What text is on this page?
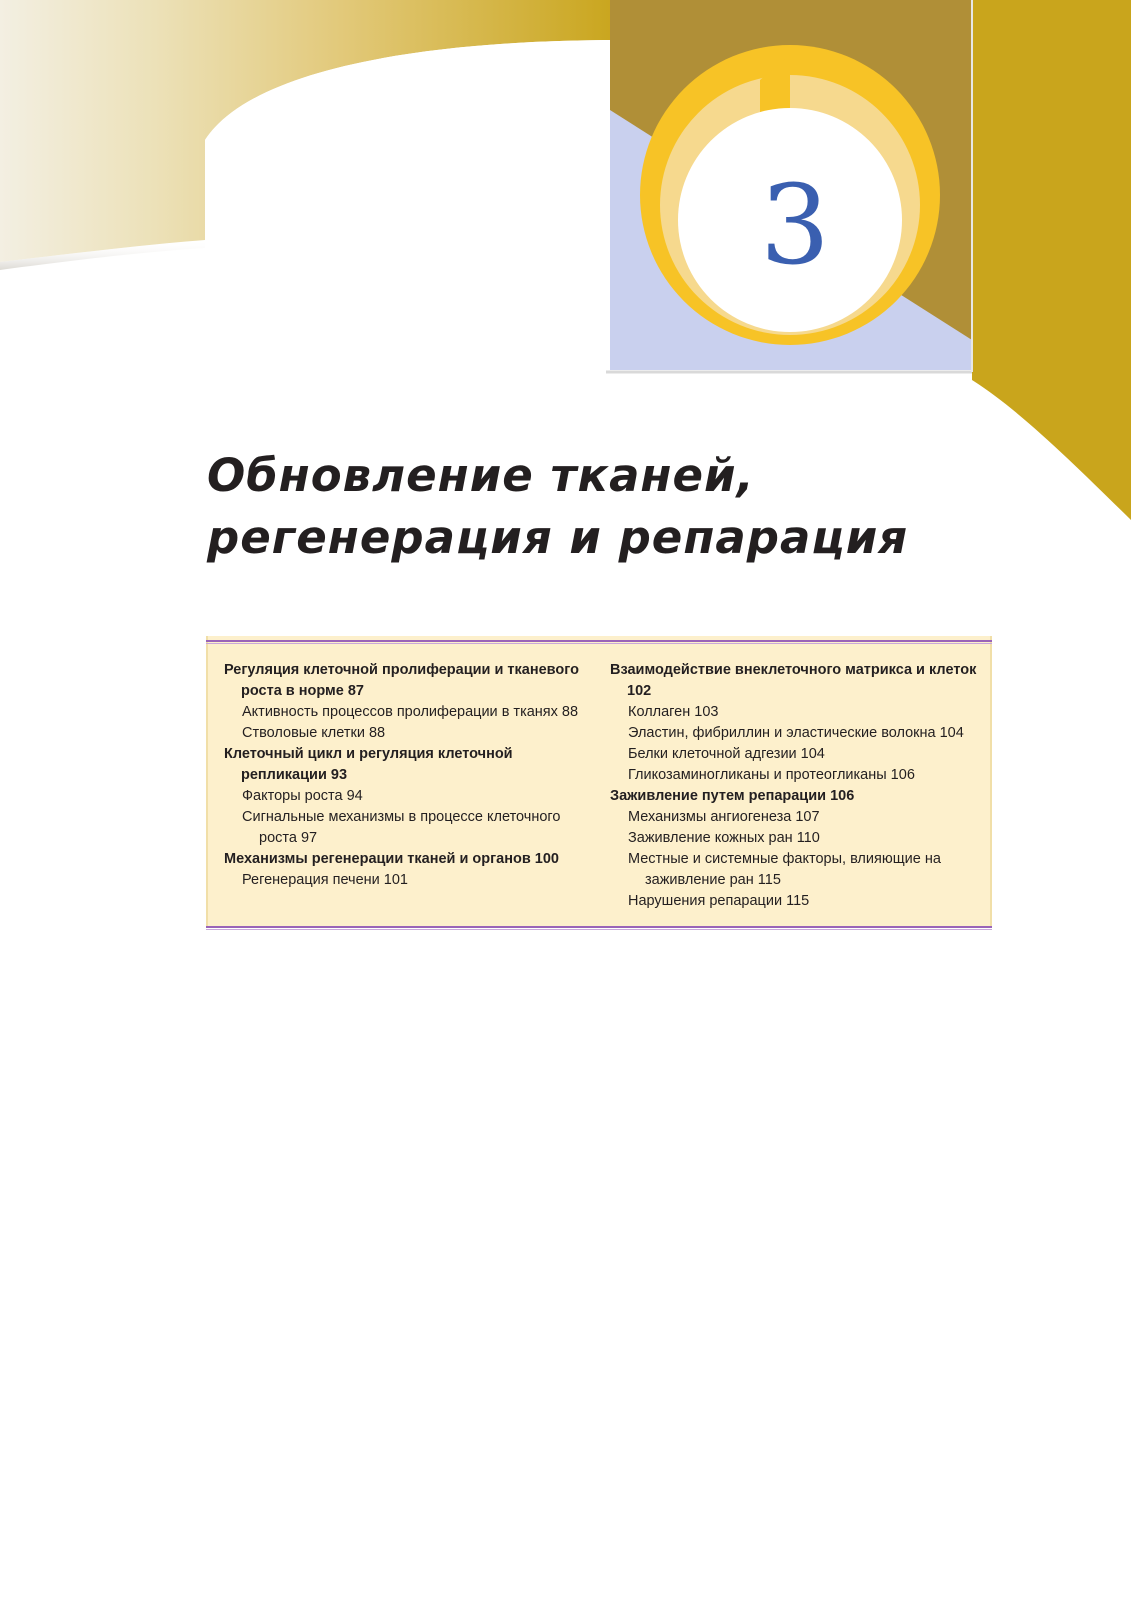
3
Обновление тканей,
регенерация и репарация

Регуляция клеточной пролиферации и тканевого роста в норме 87

Активность процессов пролиферации в тканях 88

Стволовые клетки 88

Клеточный цикл и регуляция клеточной репликации 93

Факторы роста 94

Сигнальные механизмы в процессе клеточного роста 97

Механизмы регенерации тканей и органов 100

Регенерация печени 101

Взаимодействие внеклеточного матрикса и клеток 102

Коллаген 103

Эластин, фибриллин и эластические волокна 104

Белки клеточной адгезии 104

Гликозаминогликаны и протеогликаны 106

Заживление путем репарации 106

Механизмы ангиогенеза 107

Заживление кожных ран 110

Местные и системные факторы, влияющие на заживление ран 115

Нарушения репарации 115
